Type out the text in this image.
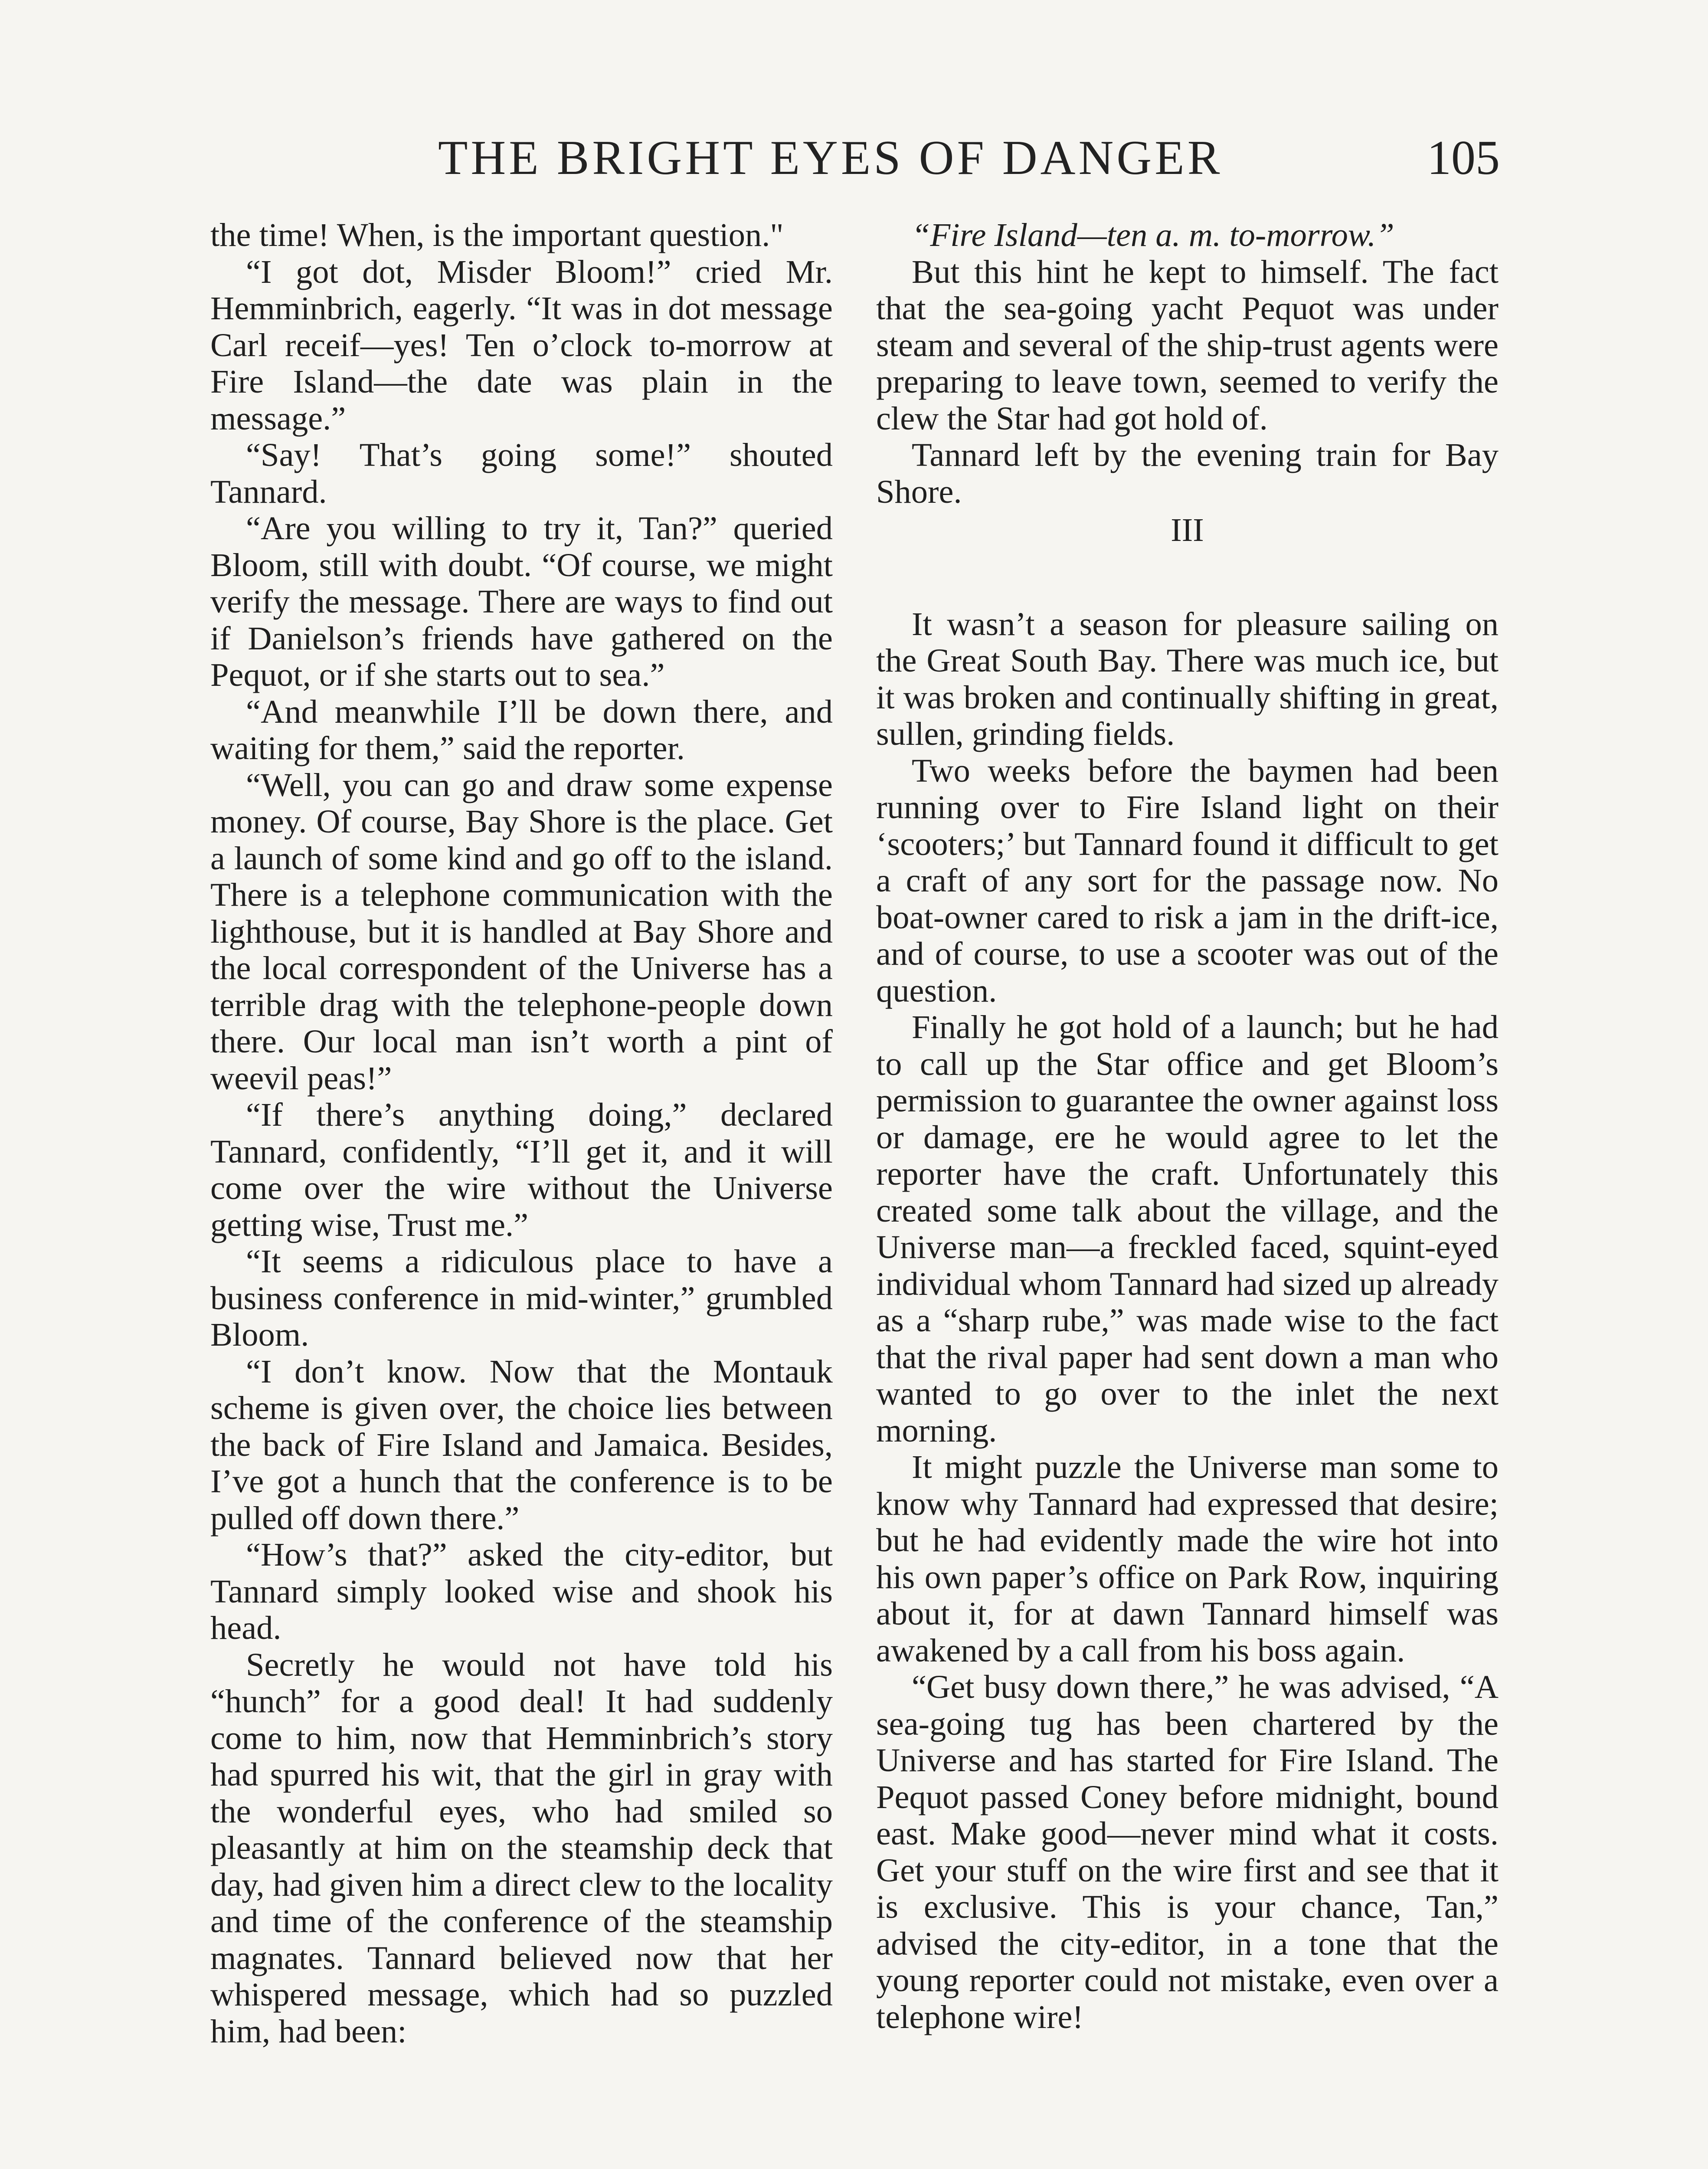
THE BRIGHT EYES OF DANGER	105

the time! When, is the important question."

“I got dot, Misder Bloom!” cried Mr. Hemminbrich, eagerly. “It was in dot message Carl receif—yes! Ten o’clock to-morrow at Fire Island—the date was plain in the message.”

“Say! That’s going some!” shouted Tannard.

“Are you willing to try it, Tan?” queried Bloom, still with doubt. “Of course, we might verify the message. There are ways to find out if Danielson’s friends have gathered on the Pequot, or if she starts out to sea.”

“And meanwhile I’ll be down there, and waiting for them,” said the reporter.

“Well, you can go and draw some expense money. Of course, Bay Shore is the place. Get a launch of some kind and go off to the island. There is a telephone communication with the lighthouse, but it is handled at Bay Shore and the local correspondent of the Universe has a terrible drag with the telephone-people down there. Our local man isn’t worth a pint of weevil peas!”

“If there’s anything doing,” declared Tannard, confidently, “I’ll get it, and it will come over the wire without the Universe getting wise, Trust me.”

“It seems a ridiculous place to have a business conference in mid-winter,” grumbled Bloom.

“I don’t know. Now that the Montauk scheme is given over, the choice lies between the back of Fire Island and Jamaica. Besides, I’ve got a hunch that the conference is to be pulled off down there.”

“How’s that?” asked the city-editor, but Tannard simply looked wise and shook his head.

Secretly he would not have told his “hunch” for a good deal! It had suddenly come to him, now that Hemminbrich’s story had spurred his wit, that the girl in gray with the wonderful eyes, who had smiled so pleasantly at him on the steamship deck that day, had given him a direct clew to the locality and time of the conference of the steamship magnates. Tannard believed now that her whispered message, which had so puzzled him, had been:

“Fire Island—ten a. m. to-morrow.”

But this hint he kept to himself. The fact that the sea-going yacht Pequot was under steam and several of the ship-trust agents were preparing to leave town, seemed to verify the clew the Star had got hold of.

Tannard left by the evening train for Bay Shore.

III

It wasn’t a season for pleasure sailing on the Great South Bay. There was much ice, but it was broken and continually shifting in great, sullen, grinding fields.

Two weeks before the baymen had been running over to Fire Island light on their ‘scooters;’ but Tannard found it difficult to get a craft of any sort for the passage now. No boat-owner cared to risk a jam in the drift-ice, and of course, to use a scooter was out of the question.

Finally he got hold of a launch; but he had to call up the Star office and get Bloom’s permission to guarantee the owner against loss or damage, ere he would agree to let the reporter have the craft. Unfortunately this created some talk about the village, and the Universe man—a freckled faced, squint-eyed individual whom Tannard had sized up already as a “sharp rube,” was made wise to the fact that the rival paper had sent down a man who wanted to go over to the inlet the next morning.

It might puzzle the Universe man some to know why Tannard had expressed that desire; but he had evidently made the wire hot into his own paper’s office on Park Row, inquiring about it, for at dawn Tannard himself was awakened by a call from his boss again.

“Get busy down there,” he was advised, “A sea-going tug has been chartered by the Universe and has started for Fire Island. The Pequot passed Coney before midnight, bound east. Make good—never mind what it costs. Get your stuff on the wire first and see that it is exclusive. This is your chance, Tan,” advised the city-editor, in a tone that the young reporter could not mistake, even over a telephone wire!
